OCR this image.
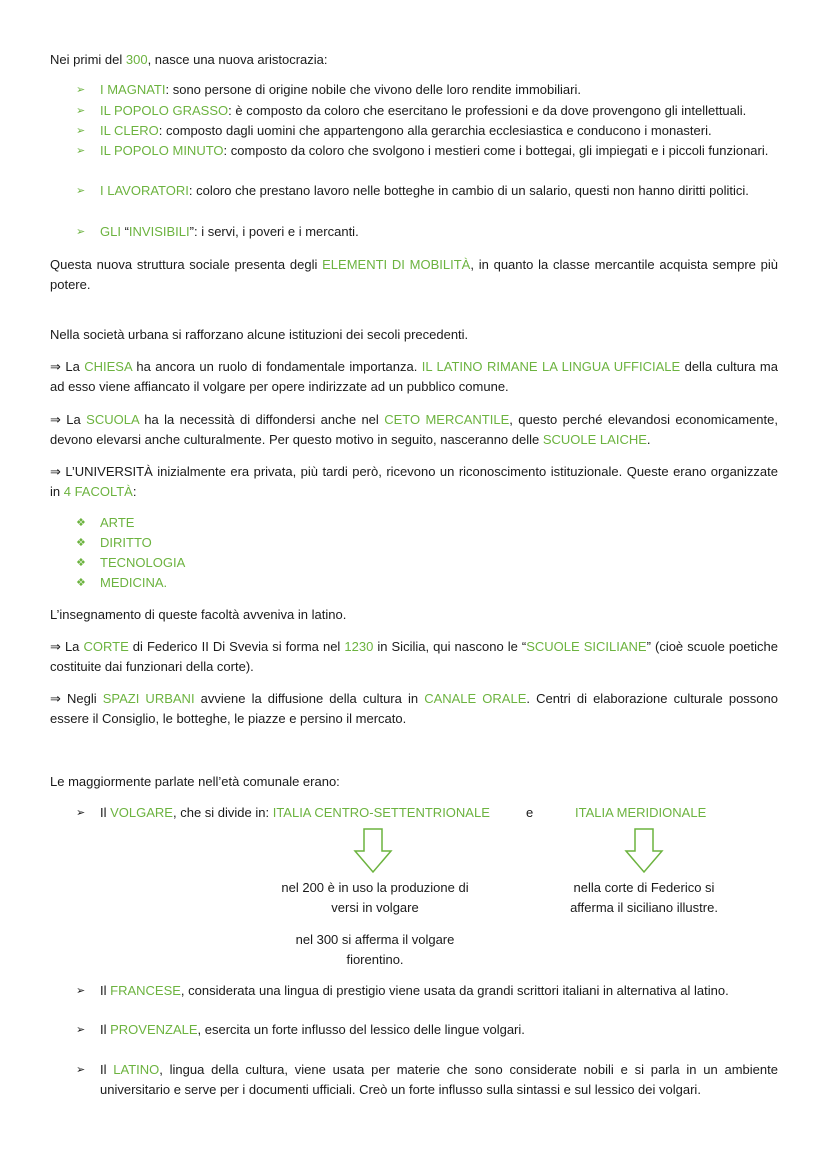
Nei primi del 300, nasce una nuova aristocrazia:

➢	I MAGNATI: sono persone di origine nobile che vivono delle loro rendite immobiliari.

➢	IL POPOLO GRASSO: è composto da coloro che esercitano le professioni e da dove provengono gli intellettuali.

➢	IL CLERO: composto dagli uomini che appartengono alla gerarchia ecclesiastica e conducono i monasteri.

➢	IL POPOLO MINUTO: composto da coloro che svolgono i mestieri come i bottegai, gli impiegati e i piccoli funzionari.

➢	I LAVORATORI: coloro che prestano lavoro nelle botteghe in cambio di un salario, questi non hanno diritti politici.

➢	GLI “INVISIBILI”: i servi, i poveri e i mercanti.

Questa nuova struttura sociale presenta degli ELEMENTI DI MOBILITÀ, in quanto la classe mercantile acquista sempre più potere.

Nella società urbana si rafforzano alcune istituzioni dei secoli precedenti.

⇒ La CHIESA ha ancora un ruolo di fondamentale importanza. IL LATINO RIMANE LA LINGUA UFFICIALE della cultura ma ad esso viene affiancato il volgare per opere indirizzate ad un pubblico comune.

⇒ La SCUOLA ha la necessità di diffondersi anche nel CETO MERCANTILE, questo perché elevandosi economicamente, devono elevarsi anche culturalmente. Per questo motivo in seguito, nasceranno delle SCUOLE LAICHE.

⇒ L’UNIVERSITÀ inizialmente era privata, più tardi però, ricevono un riconoscimento istituzionale. Queste erano organizzate in 4 FACOLTÀ:

❖	ARTE

❖	DIRITTO

❖	TECNOLOGIA

❖	MEDICINA.

L’insegnamento di queste facoltà avveniva in latino.

⇒ La CORTE di Federico II Di Svevia si forma nel 1230 in Sicilia, qui nascono le “SCUOLE SICILIANE” (cioè scuole poetiche costituite dai funzionari della corte).

⇒ Negli SPAZI URBANI avviene la diffusione della cultura in CANALE ORALE. Centri di elaborazione culturale possono essere il Consiglio, le botteghe, le piazze e persino il mercato.

Le maggiormente parlate nell’età comunale erano:

➢	Il VOLGARE, che si divide in: ITALIA CENTRO-SETTENTRIONALE	e	ITALIA MERIDIONALE

nel 200 è in uso la produzione di versi in volgare

nel 300 si afferma il volgare fiorentino.

nella corte di Federico si afferma il siciliano illustre.

➢	Il FRANCESE, considerata una lingua di prestigio viene usata da grandi scrittori italiani in alternativa al latino.

➢	Il PROVENZALE, esercita un forte influsso del lessico delle lingue volgari.

➢	Il LATINO, lingua della cultura, viene usata per materie che sono considerate nobili e si parla in un ambiente universitario e serve per i documenti ufficiali. Creò un forte influsso sulla sintassi e sul lessico dei volgari.
